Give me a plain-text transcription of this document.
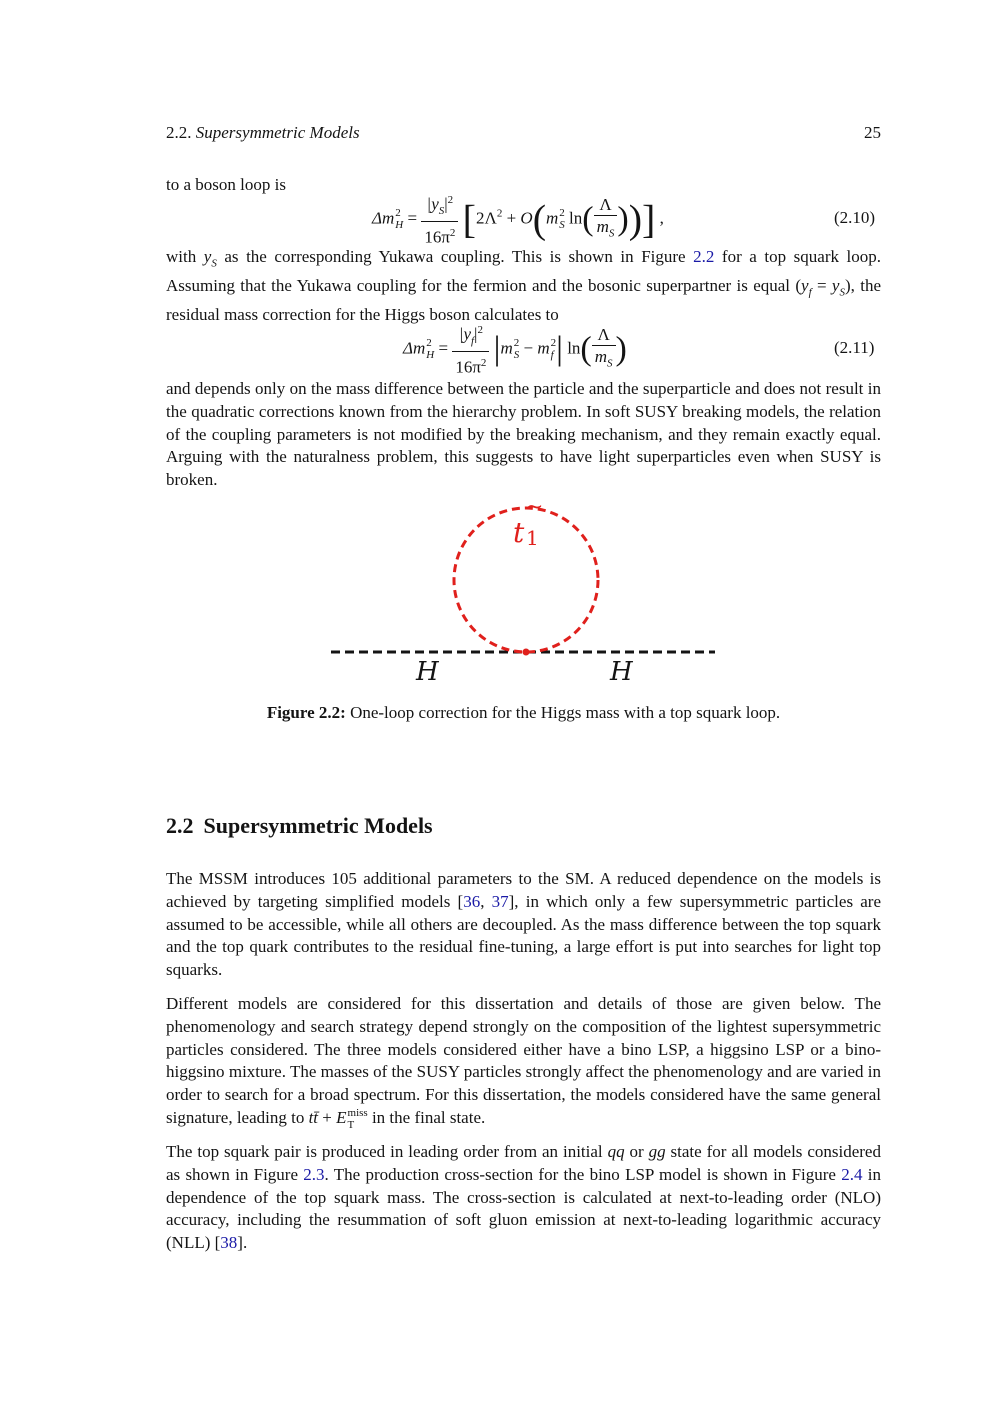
2.2. Supersymmetric Models	25
to a boson loop is
Δm 2
$H = \frac{|y_S|^2}{16\pi^2} [2\Lambda^2 + O(m$ 2
S $\ln( \frac{\Lambda}{m_S}$ ))] ,	(2.10)
with $y_S$ as the corresponding Yukawa coupling. This is shown in Figure 2.2 for a top squark loop. Assuming that the Yukawa coupling for the fermion and the bosonic superpartner is equal $(y_f = y_S)$, the residual mass correction for the Higgs boson calculates to
Δm 2
$H = \frac{|y_f|^2}{16\pi^2} |m$ 2
S − m 2
f | $\ln( \frac{\Lambda}{m_S}$ )	(2.11)
and depends only on the mass difference between the particle and the superparticle and does not result in the quadratic corrections known from the hierarchy problem. In soft SUSY breaking models, the relation of the coupling parameters is not modified by the breaking mechanism, and they remain exactly equal. Arguing with the naturalness problem, this suggests to have light superparticles even when SUSY is broken.
~
t 1
H	H
Figure 2.2: One-loop correction for the Higgs mass with a top squark loop.
2.2 Supersymmetric Models
The MSSM introduces 105 additional parameters to the SM. A reduced dependence on the models is achieved by targeting simplified models [36, 37], in which only a few supersymmetric particles are assumed to be accessible, while all others are decoupled. As the mass difference between the top squark and the top quark contributes to the residual fine-tuning, a large effort is put into searches for light top squarks.
Different models are considered for this dissertation and details of those are given below. The phenomenology and search strategy depend strongly on the composition of the lightest supersymmetric particles considered. The three models considered either have a bino LSP, a higgsino LSP or a bino-higgsino mixture. The masses of the SUSY particles strongly affect the phenomenology and are varied in order to search for a broad spectrum. For this dissertation, the models considered have the same general signature, leading to tt̄ + E miss
T in the final state.
The top squark pair is produced in leading order from an initial qq or gg state for all models considered as shown in Figure 2.3. The production cross-section for the bino LSP model is shown in Figure 2.4 in dependence of the top squark mass. The cross-section is calculated at next-to-leading order (NLO) accuracy, including the resummation of soft gluon emission at next-to-leading logarithmic accuracy (NLL) [38].
